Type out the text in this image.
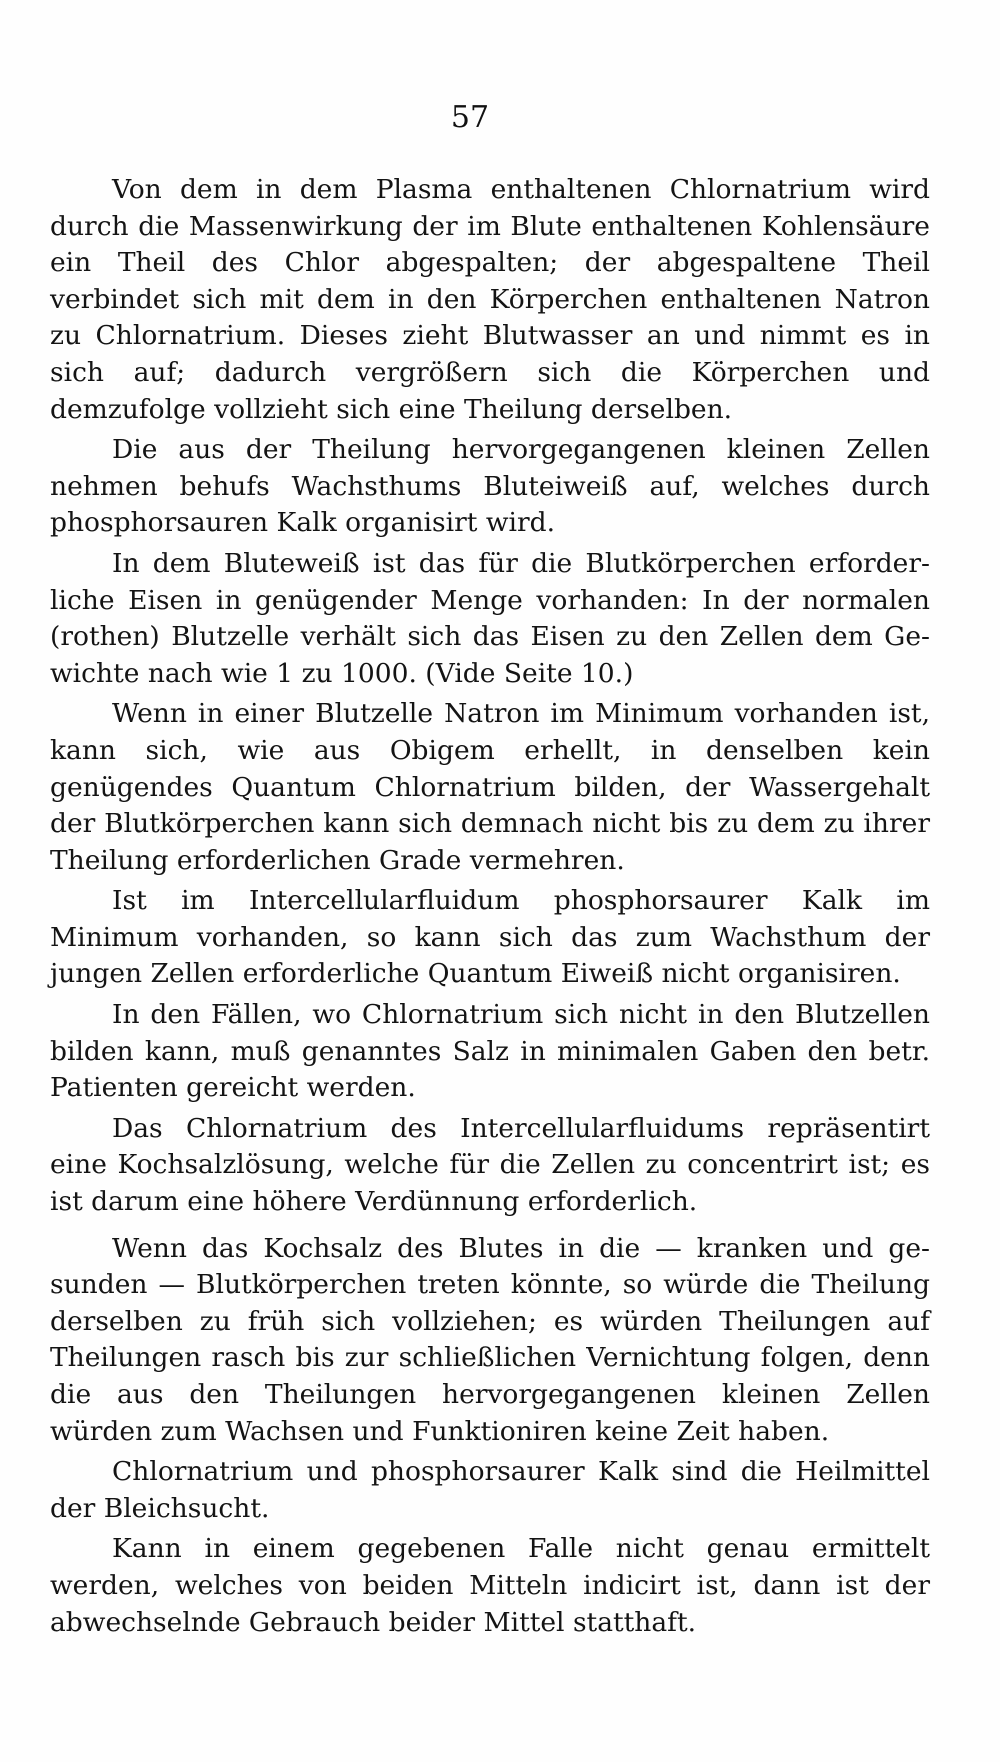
57

Von dem in dem Plasma enthaltenen Chlornatrium wird durch die Massenwirkung der im Blute enthaltenen Kohlensäure ein Theil des Chlor abgespalten; der abgespaltene Theil verbindet sich mit dem in den Körperchen enthaltenen Natron zu Chlornatrium. Dieses zieht Blutwasser an und nimmt es in sich auf; dadurch vergrößern sich die Körperchen und demzufolge vollzieht sich eine Theilung derselben.

Die aus der Theilung hervorgegangenen kleinen Zellen nehmen behufs Wachsthums Bluteiweiß auf, welches durch phosphorsauren Kalk organisirt wird.

In dem Bluteweiß ist das für die Blutkörperchen erforderliche Eisen in genügender Menge vorhanden: In der normalen (rothen) Blutzelle verhält sich das Eisen zu den Zellen dem Gewichte nach wie 1 zu 1000. (Vide Seite 10.)

Wenn in einer Blutzelle Natron im Minimum vorhanden ist, kann sich, wie aus Obigem erhellt, in denselben kein genügendes Quantum Chlornatrium bilden, der Wassergehalt der Blutkörperchen kann sich demnach nicht bis zu dem zu ihrer Theilung erforderlichen Grade vermehren.

Ist im Intercellularfluidum phosphorsaurer Kalk im Minimum vorhanden, so kann sich das zum Wachsthum der jungen Zellen erforderliche Quantum Eiweiß nicht organisiren.

In den Fällen, wo Chlornatrium sich nicht in den Blutzellen bilden kann, muß genanntes Salz in minimalen Gaben den betr. Patienten gereicht werden.

Das Chlornatrium des Intercellularfluidums repräsentirt eine Kochsalzlösung, welche für die Zellen zu concentrirt ist; es ist darum eine höhere Verdünnung erforderlich.

Wenn das Kochsalz des Blutes in die — kranken und gesunden — Blutkörperchen treten könnte, so würde die Theilung derselben zu früh sich vollziehen; es würden Theilungen auf Theilungen rasch bis zur schließlichen Vernichtung folgen, denn die aus den Theilungen hervorgegangenen kleinen Zellen würden zum Wachsen und Funktioniren keine Zeit haben.

Chlornatrium und phosphorsaurer Kalk sind die Heilmittel der Bleichsucht.

Kann in einem gegebenen Falle nicht genau ermittelt werden, welches von beiden Mitteln indicirt ist, dann ist der abwechselnde Gebrauch beider Mittel statthaft.
